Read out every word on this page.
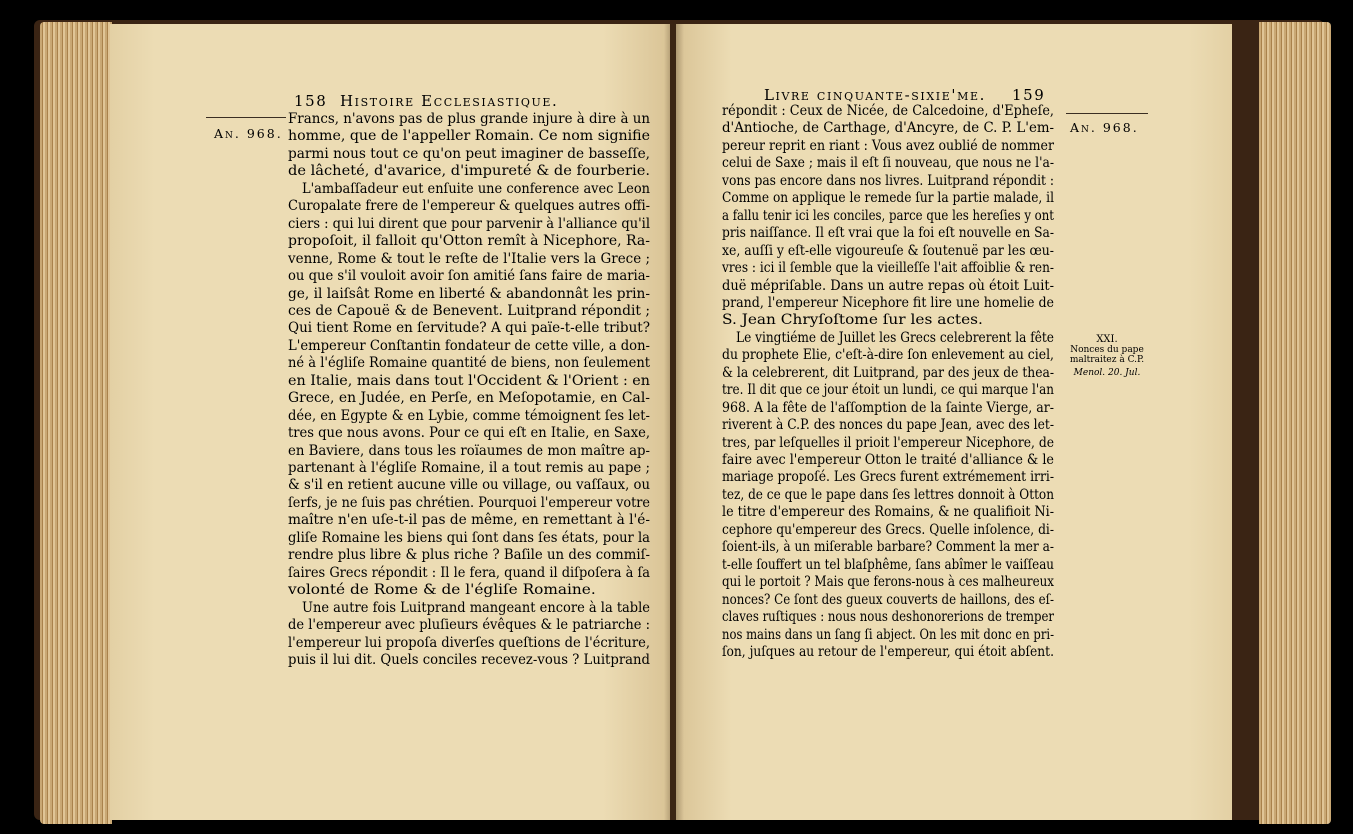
158 Histoire Ecclesiastique.
An. 968.
Francs, n'avons pas de plus grande injure à dire à un
homme, que de l'appeller Romain. Ce nom signifie
parmi nous tout ce qu'on peut imaginer de basseſſe,
de lâcheté, d'avarice, d'impureté & de fourberie.
L'ambaſſadeur eut enſuite une conference avec Leon
Curopalate frere de l'empereur & quelques autres offi-
ciers : qui lui dirent que pour parvenir à l'alliance qu'il
propoſoit, il falloit qu'Otton remît à Nicephore, Ra-
venne, Rome & tout le reſte de l'Italie vers la Grece ;
ou que s'il vouloit avoir ſon amitié ſans faire de maria-
ge, il laiſsât Rome en liberté & abandonnât les prin-
ces de Capouë & de Benevent. Luitprand répondit ;
Qui tient Rome en ſervitude? A qui païe-t-elle tribut?
L'empereur Conſtantin fondateur de cette ville, a don-
né à l'égliſe Romaine quantité de biens, non ſeulement
en Italie, mais dans tout l'Occident & l'Orient : en
Grece, en Judée, en Perſe, en Meſopotamie, en Cal-
dée, en Egypte & en Lybie, comme témoignent ſes let-
tres que nous avons. Pour ce qui eſt en Italie, en Saxe,
en Baviere, dans tous les roïaumes de mon maître ap-
partenant à l'égliſe Romaine, il a tout remis au pape ;
& s'il en retient aucune ville ou village, ou vaſſaux, ou
ſerfs, je ne ſuis pas chrétien. Pourquoi l'empereur votre
maître n'en uſe-t-il pas de même, en remettant à l'é-
gliſe Romaine les biens qui ſont dans ſes états, pour la
rendre plus libre & plus riche ? Baſile un des commiſ-
ſaires Grecs répondit : Il le fera, quand il diſpoſera à ſa
volonté de Rome & de l'égliſe Romaine.
Une autre fois Luitprand mangeant encore à la table
de l'empereur avec pluſieurs évêques & le patriarche :
l'empereur lui propoſa diverſes queſtions de l'écriture,
puis il lui dit. Quels conciles recevez-vous ? Luitprand
Livre cinquante-sixie'me. 159
An. 968.
XXI.
Nonces du pape
maltraitez à C.P.
Menol. 20. Jul.
répondit : Ceux de Nicée, de Calcedoine, d'Epheſe,
d'Antioche, de Carthage, d'Ancyre, de C. P. L'em-
pereur reprit en riant : Vous avez oublié de nommer
celui de Saxe ; mais il eſt ſi nouveau, que nous ne l'a-
vons pas encore dans nos livres. Luitprand répondit :
Comme on applique le remede ſur la partie malade, il
a fallu tenir ici les conciles, parce que les hereſies y ont
pris naiſſance. Il eſt vrai que la foi eſt nouvelle en Sa-
xe, auſſi y eſt-elle vigoureuſe & ſoutenuë par les œu-
vres : ici il ſemble que la vieilleſſe l'ait affoiblie & ren-
duë mépriſable. Dans un autre repas où étoit Luit-
prand, l'empereur Nicephore fit lire une homelie de
S. Jean Chryſoſtome ſur les actes.
Le vingtiéme de Juillet les Grecs celebrerent la fête
du prophete Elie, c'eſt-à-dire ſon enlevement au ciel,
& la celebrerent, dit Luitprand, par des jeux de thea-
tre. Il dit que ce jour étoit un lundi, ce qui marque l'an
968. A la fête de l'aſſomption de la ſainte Vierge, ar-
riverent à C.P. des nonces du pape Jean, avec des let-
tres, par leſquelles il prioit l'empereur Nicephore, de
faire avec l'empereur Otton le traité d'alliance & le
mariage propoſé. Les Grecs furent extrémement irri-
tez, de ce que le pape dans ſes lettres donnoit à Otton
le titre d'empereur des Romains, & ne qualifioit Ni-
cephore qu'empereur des Grecs. Quelle inſolence, di-
ſoient-ils, à un miſerable barbare? Comment la mer a-
t-elle ſouffert un tel blaſphême, ſans abîmer le vaiſſeau
qui le portoit ? Mais que ferons-nous à ces malheureux
nonces? Ce ſont des gueux couverts de haillons, des eſ-
claves ruſtiques : nous nous deshonorerions de tremper
nos mains dans un ſang ſi abject. On les mit donc en pri-
ſon, juſques au retour de l'empereur, qui étoit abſent.
